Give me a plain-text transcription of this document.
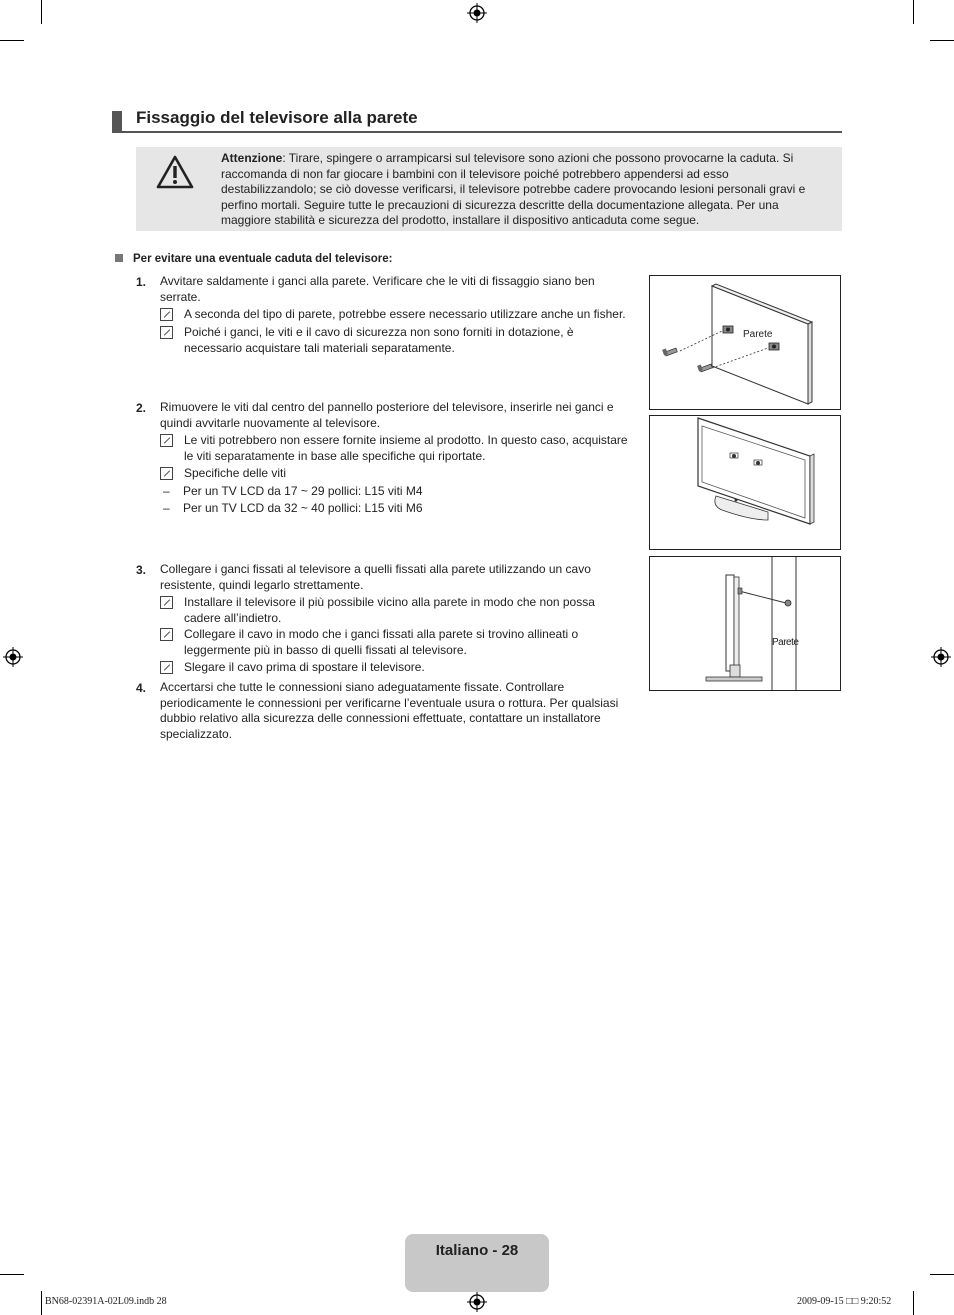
Fissaggio del televisore alla parete
Attenzione: Tirare, spingere o arrampicarsi sul televisore sono azioni che possono provocarne la caduta. Si raccomanda di non far giocare i bambini con il televisore poiché potrebbero appendersi ad esso destabilizzandolo; se ciò dovesse verificarsi, il televisore potrebbe cadere provocando lesioni personali gravi e perfino mortali. Seguire tutte le precauzioni di sicurezza descritte della documentazione allegata. Per una maggiore stabilità e sicurezza del prodotto, installare il dispositivo anticaduta come segue.
Per evitare una eventuale caduta del televisore:
1. Avvitare saldamente i ganci alla parete. Verificare che le viti di fissaggio siano ben serrate.
A seconda del tipo di parete, potrebbe essere necessario utilizzare anche un fisher.
Poiché i ganci, le viti e il cavo di sicurezza non sono forniti in dotazione, è necessario acquistare tali materiali separatamente.
2. Rimuovere le viti dal centro del pannello posteriore del televisore, inserirle nei ganci e quindi avvitarle nuovamente al televisore.
Le viti potrebbero non essere fornite insieme al prodotto. In questo caso, acquistare le viti separatamente in base alle specifiche qui riportate.
Specifiche delle viti
– Per un TV LCD da 17 ~ 29 pollici: L15 viti M4
– Per un TV LCD da 32 ~ 40 pollici: L15 viti M6
3. Collegare i ganci fissati al televisore a quelli fissati alla parete utilizzando un cavo resistente, quindi legarlo strettamente.
Installare il televisore il più possibile vicino alla parete in modo che non possa cadere all’indietro.
Collegare il cavo in modo che i ganci fissati alla parete si trovino allineati o leggermente più in basso di quelli fissati al televisore.
Slegare il cavo prima di spostare il televisore.
4. Accertarsi che tutte le connessioni siano adeguatamente fissate. Controllare periodicamente le connessioni per verificarne l’eventuale usura o rottura. Per qualsiasi dubbio relativo alla sicurezza delle connessioni effettuate, contattare un installatore specializzato.
Parete
Parete
Italiano - 28
BN68-02391A-02L09.indb 28	2009-09-15 □□ 9:20:52
